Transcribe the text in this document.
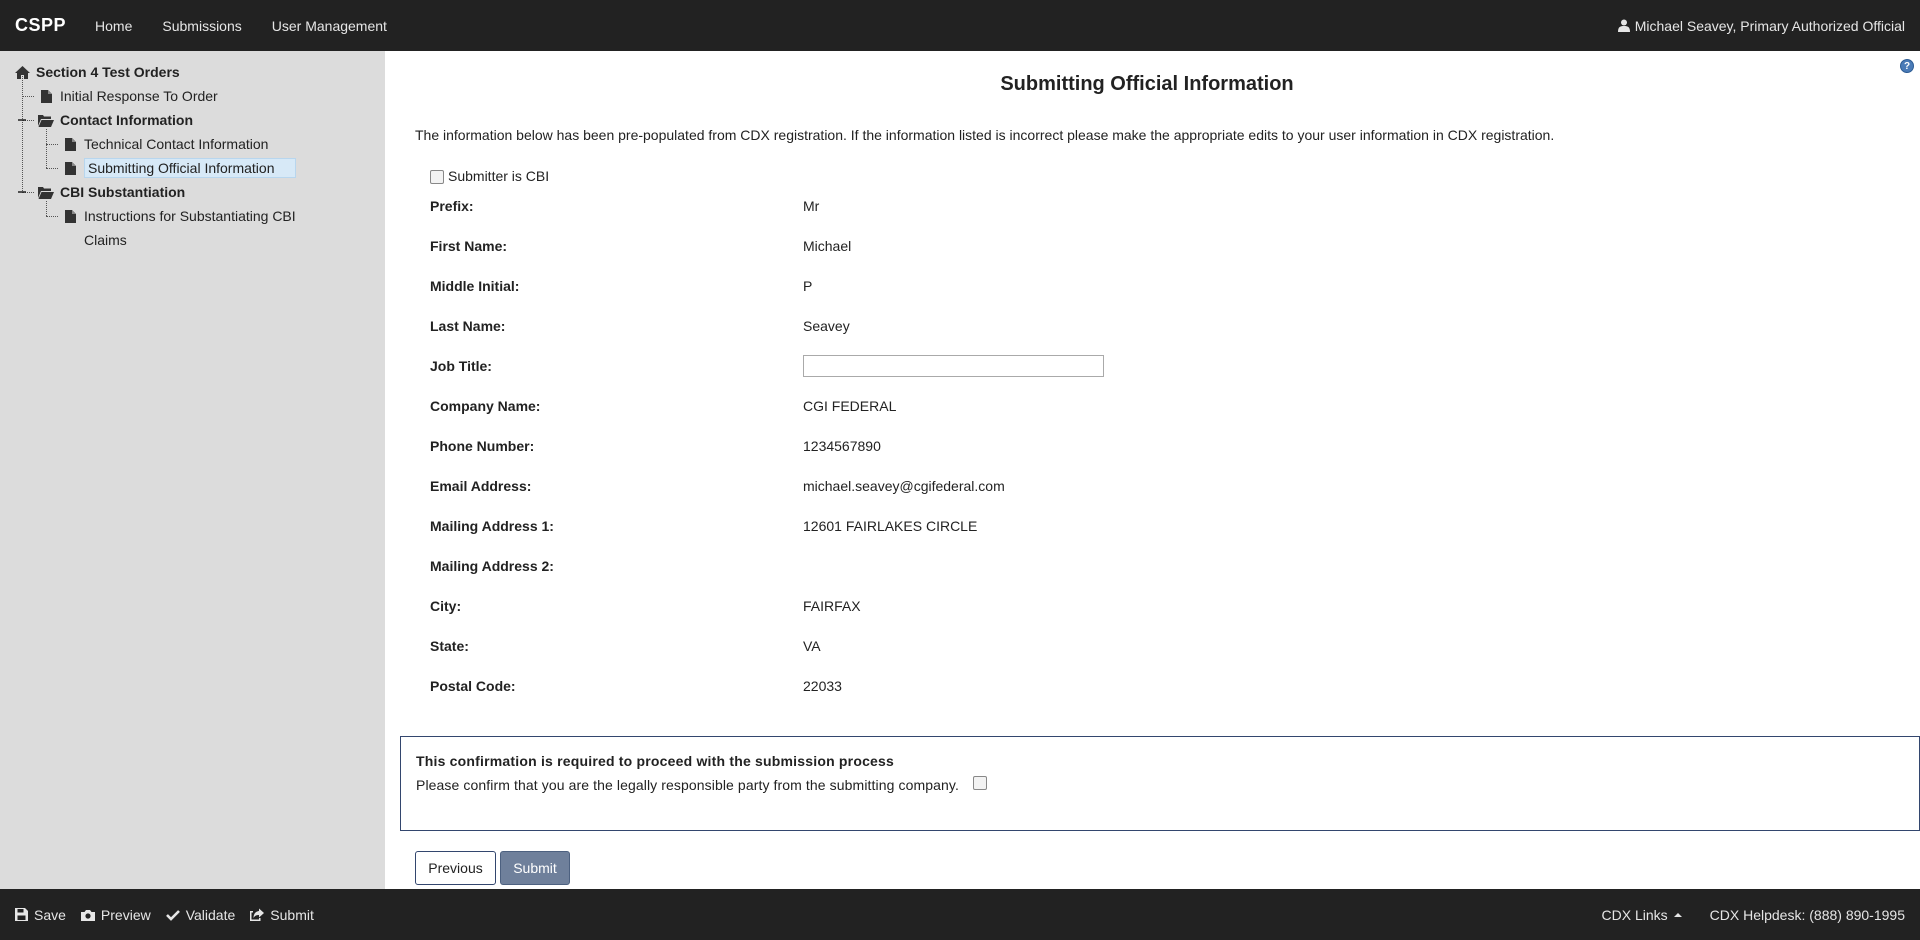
CSPP	Home	Submissions	User Management	Michael Seavey, Primary Authorized Official
Section 4 Test Orders
Initial Response To Order
Contact Information
Technical Contact Information
Submitting Official Information
CBI Substantiation
Instructions for Substantiating CBI
Claims
?
Submitting Official Information
The information below has been pre-populated from CDX registration. If the information listed is incorrect please make the appropriate edits to your user information in CDX registration.
Submitter is CBI
Prefix:	Mr
First Name:	Michael
Middle Initial:	P
Last Name:	Seavey
Job Title:
Company Name:	CGI FEDERAL
Phone Number:	1234567890
Email Address:	michael.seavey@cgifederal.com
Mailing Address 1:	12601 FAIRLAKES CIRCLE
Mailing Address 2:
City:	FAIRFAX
State:	VA
Postal Code:	22033
This confirmation is required to proceed with the submission process
Please confirm that you are the legally responsible party from the submitting company.
Previous	Submit
Save	Preview	Validate	Submit	CDX Links	CDX Helpdesk: (888) 890-1995
